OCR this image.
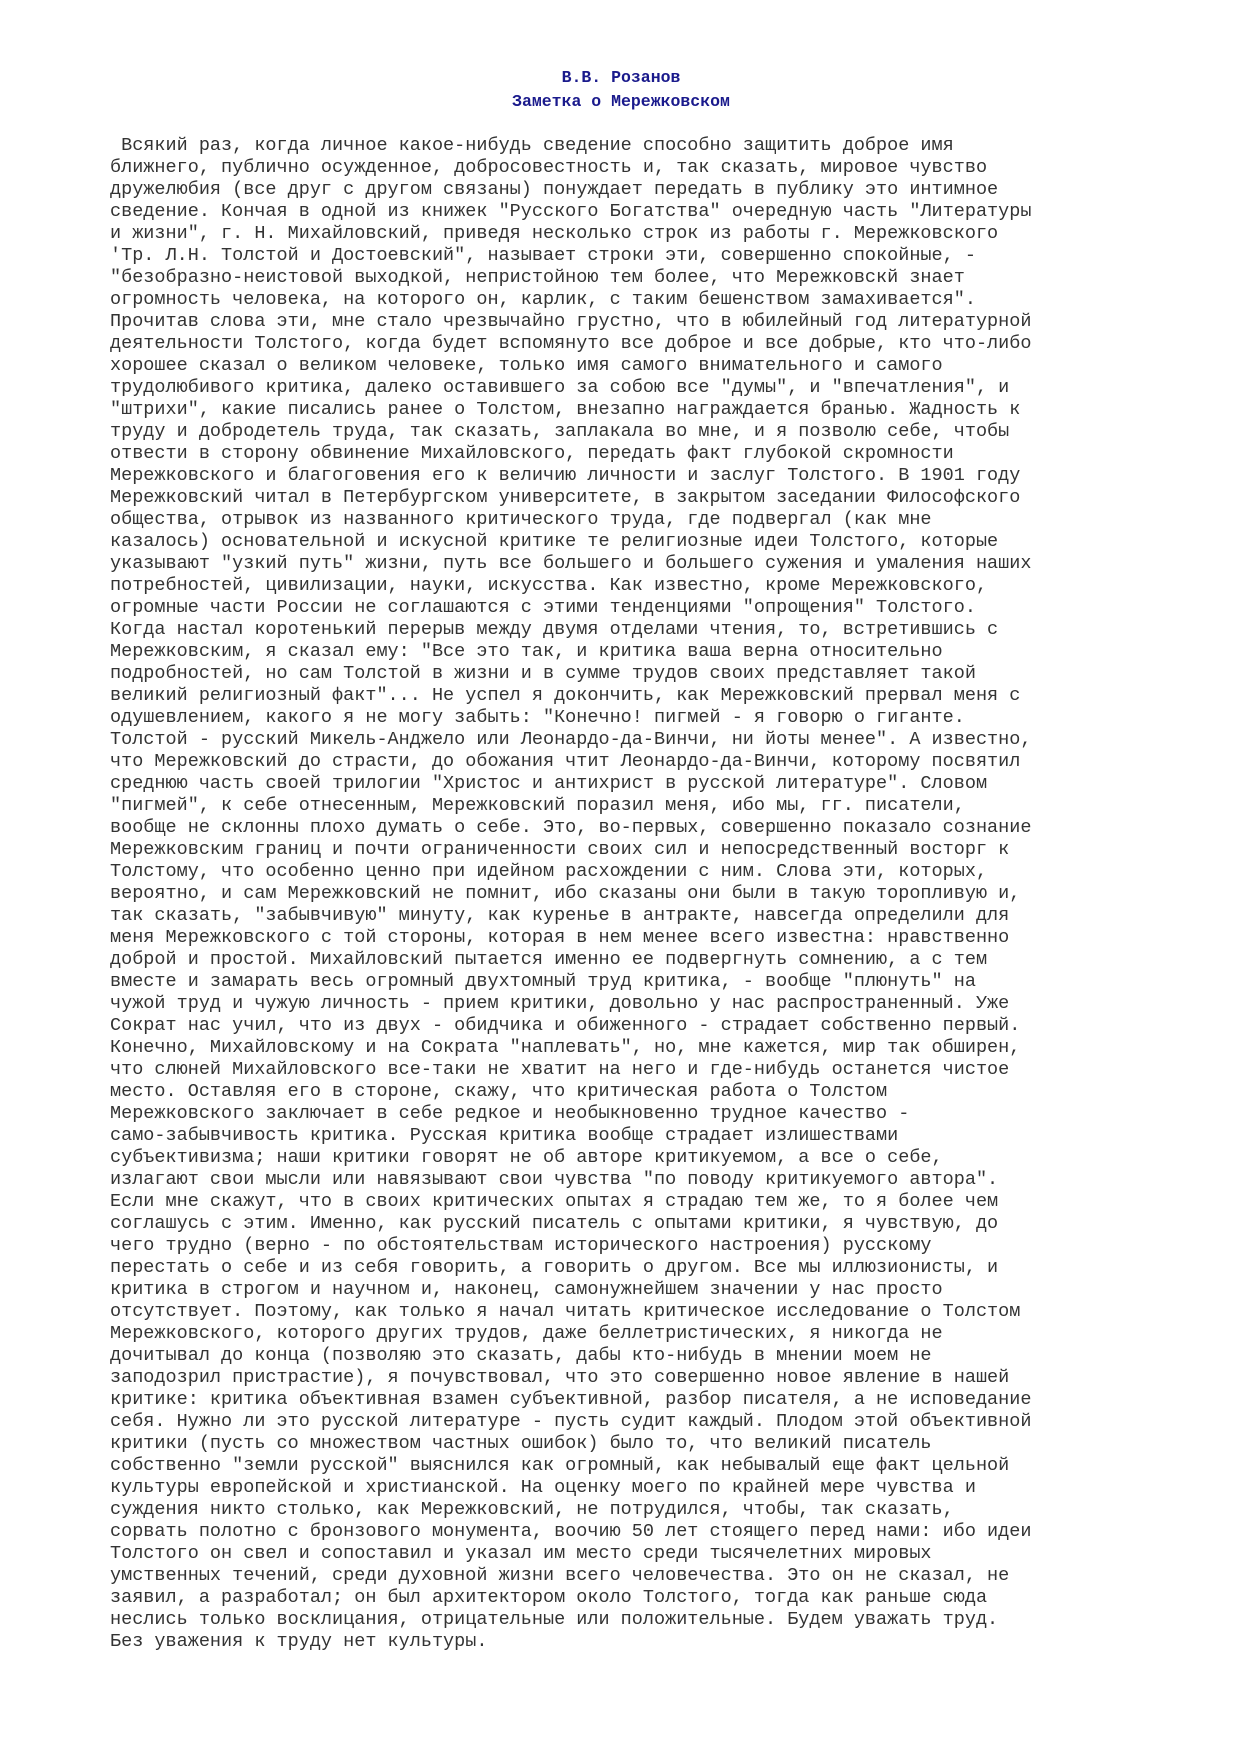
В.В. Розанов
Заметка о Мережковском
Всякий раз, когда личное какое-нибудь сведение способно защитить доброе имя
ближнего, публично осужденное, добросовестность и, так сказать, мировое чувство
дружелюбия (все друг с другом связаны) понуждает передать в публику это интимное
сведение. Кончая в одной из книжек "Русского Богатства" очередную часть "Литературы
и жизни", г. Н. Михайловский, приведя несколько строк из работы г. Мережковского
'Тр. Л.Н. Толстой и Достоевский", называет строки эти, совершенно спокойные, -
"безобразно-неистовой выходкой, непристойною тем более, что Мережковскй знает
огромность человека, на которого он, карлик, с таким бешенством замахивается".
Прочитав слова эти, мне стало чрезвычайно грустно, что в юбилейный год литературной
деятельности Толстого, когда будет вспомянуто все доброе и все добрые, кто что-либо
хорошее сказал о великом человеке, только имя самого внимательного и самого
трудолюбивого критика, далеко оставившего за собою все "думы", и "впечатления", и
"штрихи", какие писались ранее о Толстом, внезапно награждается бранью. Жадность к
труду и добродетель труда, так сказать, заплакала во мне, и я позволю себе, чтобы
отвести в сторону обвинение Михайловского, передать факт глубокой скромности
Мережковского и благоговения его к величию личности и заслуг Толстого. В 1901 году
Мережковский читал в Петербургском университете, в закрытом заседании Философского
общества, отрывок из названного критического труда, где подвергал (как мне
казалось) основательной и искусной критике те религиозные идеи Толстого, которые
указывают "узкий путь" жизни, путь все большего и большего сужения и умаления наших
потребностей, цивилизации, науки, искусства. Как известно, кроме Мережковского,
огромные части России не соглашаются с этими тенденциями "опрощения" Толстого.
Когда настал коротенький перерыв между двумя отделами чтения, то, встретившись с
Мережковским, я сказал ему: "Все это так, и критика ваша верна относительно
подробностей, но сам Толстой в жизни и в сумме трудов своих представляет такой
великий религиозный факт"... Не успел я докончить, как Мережковский прервал меня с
одушевлением, какого я не могу забыть: "Конечно! пигмей - я говорю о гиганте.
Толстой - русский Микель-Анджело или Леонардо-да-Винчи, ни йоты менее". А известно,
что Мережковский до страсти, до обожания чтит Леонардо-да-Винчи, которому посвятил
среднюю часть своей трилогии "Христос и антихрист в русской литературе". Словом
"пигмей", к себе отнесенным, Мережковский поразил меня, ибо мы, гг. писатели,
вообще не склонны плохо думать о себе. Это, во-первых, совершенно показало сознание
Мережковским границ и почти ограниченности своих сил и непосредственный восторг к
Толстому, что особенно ценно при идейном расхождении с ним. Слова эти, которых,
вероятно, и сам Мережковский не помнит, ибо сказаны они были в такую торопливую и,
так сказать, "забывчивую" минуту, как куренье в антракте, навсегда определили для
меня Мережковского с той стороны, которая в нем менее всего известна: нравственно
доброй и простой. Михайловский пытается именно ее подвергнуть сомнению, а с тем
вместе и замарать весь огромный двухтомный труд критика, - вообще "плюнуть" на
чужой труд и чужую личность - прием критики, довольно у нас распространенный. Уже
Сократ нас учил, что из двух - обидчика и обиженного - страдает собственно первый.
Конечно, Михайловскому и на Сократа "наплевать", но, мне кажется, мир так обширен,
что слюней Михайловского все-таки не хватит на него и где-нибудь останется чистое
место. Оставляя его в стороне, скажу, что критическая работа о Толстом
Мережковского заключает в себе редкое и необыкновенно трудное качество -
само-забывчивость критика. Русская критика вообще страдает излишествами
субъективизма; наши критики говорят не об авторе критикуемом, а все о себе,
излагают свои мысли или навязывают свои чувства "по поводу критикуемого автора".
Если мне скажут, что в своих критических опытах я страдаю тем же, то я более чем
соглашусь с этим. Именно, как русский писатель с опытами критики, я чувствую, до
чего трудно (верно - по обстоятельствам исторического настроения) русскому
перестать о себе и из себя говорить, а говорить о другом. Все мы иллюзионисты, и
критика в строгом и научном и, наконец, самонужнейшем значении у нас просто
отсутствует. Поэтому, как только я начал читать критическое исследование о Толстом
Мережковского, которого других трудов, даже беллетристических, я никогда не
дочитывал до конца (позволяю это сказать, дабы кто-нибудь в мнении моем не
заподозрил пристрастие), я почувствовал, что это совершенно новое явление в нашей
критике: критика объективная взамен субъективной, разбор писателя, а не исповедание
себя. Нужно ли это русской литературе - пусть судит каждый. Плодом этой объективной
критики (пусть со множеством частных ошибок) было то, что великий писатель
собственно "земли русской" выяснился как огромный, как небывалый еще факт цельной
культуры европейской и христианской. На оценку моего по крайней мере чувства и
суждения никто столько, как Мережковский, не потрудился, чтобы, так сказать,
сорвать полотно с бронзового монумента, воочию 50 лет стоящего перед нами: ибо идеи
Толстого он свел и сопоставил и указал им место среди тысячелетних мировых
умственных течений, среди духовной жизни всего человечества. Это он не сказал, не
заявил, а разработал; он был архитектором около Толстого, тогда как раньше сюда
неслись только восклицания, отрицательные или положительные. Будем уважать труд.
Без уважения к труду нет культуры.
